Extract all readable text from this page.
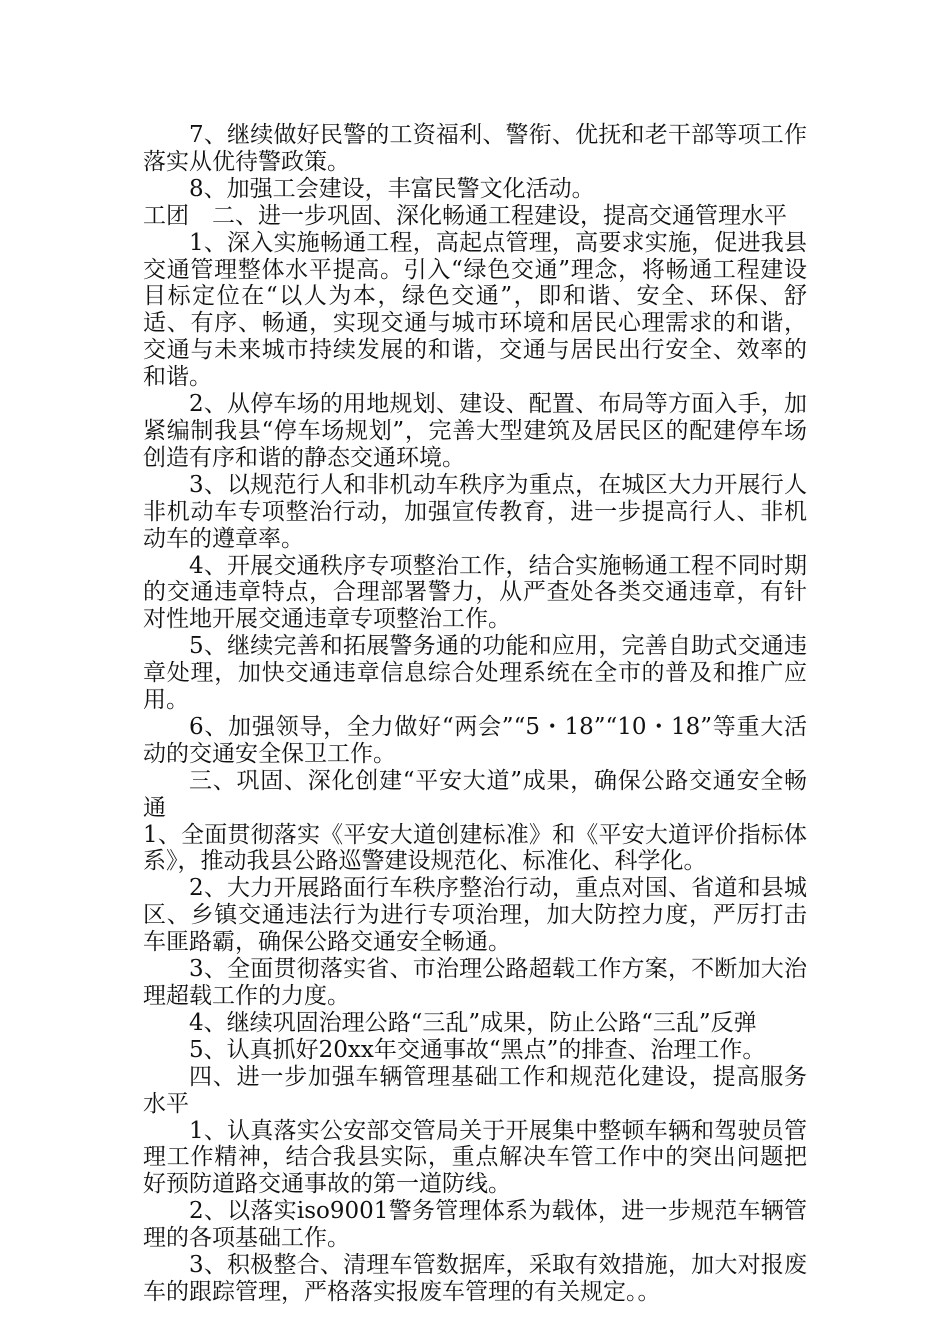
7、继续做好民警的工资福利、警衔、优抚和老干部等项工作落实从优待警政策。

8、加强工会建设，丰富民警文化活动。

工团　二、进一步巩固、深化畅通工程建设，提高交通管理水平

1、深入实施畅通工程，高起点管理，高要求实施，促进我县交通管理整体水平提高。引入“绿色交通”理念，将畅通工程建设目标定位在“以人为本，绿色交通”，即和谐、安全、环保、舒适、有序、畅通，实现交通与城市环境和居民心理需求的和谐，交通与未来城市持续发展的和谐，交通与居民出行安全、效率的和谐。

2、从停车场的用地规划、建设、配置、布局等方面入手，加紧编制我县“停车场规划”，完善大型建筑及居民区的配建停车场创造有序和谐的静态交通环境。

3、以规范行人和非机动车秩序为重点，在城区大力开展行人非机动车专项整治行动，加强宣传教育，进一步提高行人、非机动车的遵章率。

4、开展交通秩序专项整治工作，结合实施畅通工程不同时期的交通违章特点，合理部署警力，从严查处各类交通违章，有针对性地开展交通违章专项整治工作。

5、继续完善和拓展警务通的功能和应用，完善自助式交通违章处理，加快交通违章信息综合处理系统在全市的普及和推广应用。

6、加强领导，全力做好“两会”“5・18”“10・18”等重大活动的交通安全保卫工作。

三、巩固、深化创建“平安大道”成果，确保公路交通安全畅通

1、全面贯彻落实《平安大道创建标准》和《平安大道评价指标体系》，推动我县公路巡警建设规范化、标准化、科学化。

2、大力开展路面行车秩序整治行动，重点对国、省道和县城区、乡镇交通违法行为进行专项治理，加大防控力度，严厉打击车匪路霸，确保公路交通安全畅通。

3、全面贯彻落实省、市治理公路超载工作方案，不断加大治理超载工作的力度。

4、继续巩固治理公路“三乱”成果，防止公路“三乱”反弹

5、认真抓好20xx年交通事故“黑点”的排查、治理工作。

四、进一步加强车辆管理基础工作和规范化建设，提高服务水平

1、认真落实公安部交管局关于开展集中整顿车辆和驾驶员管理工作精神，结合我县实际，重点解决车管工作中的突出问题把好预防道路交通事故的第一道防线。

2、以落实iso9001警务管理体系为载体，进一步规范车辆管理的各项基础工作。

3、积极整合、清理车管数据库，采取有效措施，加大对报废车的跟踪管理，严格落实报废车管理的有关规定。。
